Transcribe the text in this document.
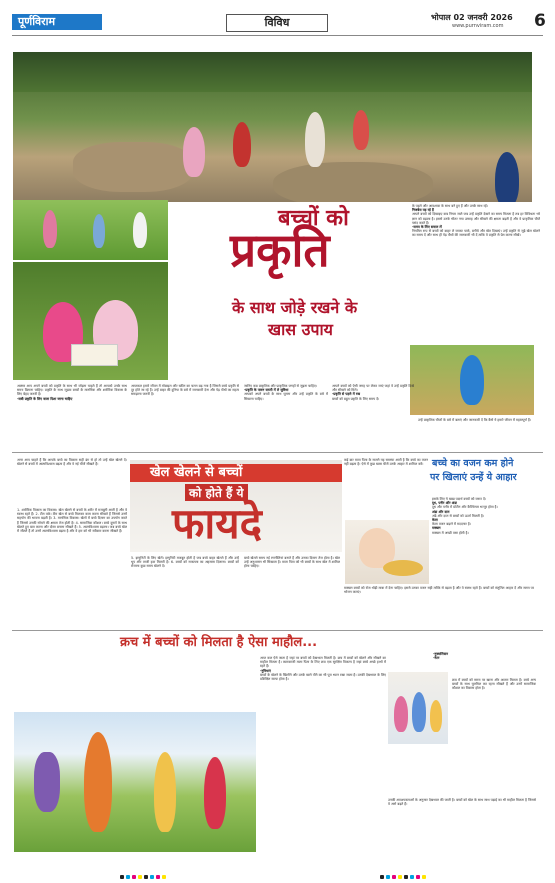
पूर्णविराम	विविध	भोपाल 02 जनवरी 2026
www.purnviram.com 6
बच्चों को
प्रकृति
के साथ जोड़े रखने के
खास उपाय
के पहले और आवश्यक के साथ बने हुए हैं और उनके साथ रहें।
निजबेस यह रहे हैं
आपने बच्चों को दिखाइए कब नियम जाते जब उन्हें प्रकृति देखने का समय मिलता है तब हर विविधता भरे ज्ञान को बढ़ाता है। इससे उनके भीतर नया उत्साह और सीखने की क्षमता बढ़ती है और वे प्राकृतिक चीजें पसंद करते हैं।
-समय के लिए सवाल लें
नियमित रूप से बच्चों को बाहर ले जाकर पार्क, बगीचे और खेत दिखाएं। उन्हें प्रकृति से जुड़े खेल खेलने का समय दें और साथ ही पेड़ पौधों की जानकारी भी दें ताकि वे प्रकृति से प्रेम करना सीखें।
अक्सर आप अपने बच्चों को प्रकृति के साथ भी जोड़ना चाहते हैं तो आपको उनके साथ समय बिताना चाहिए। प्रकृति के साथ जुड़ाव बच्चों के मानसिक और शारीरिक विकास के लिए बेहद जरूरी है।
-सबी प्रकृति के लिए वाला दिशा जाना चाहिए
आजकल हमारे जीवन में मोबाइल और स्क्रीन का चलन बढ़ गया है जिससे बच्चे प्रकृति से दूर होते जा रहे हैं। उन्हें बाहर की दुनिया के बारे में जानकारी देना और पेड़ पौधों का महत्व समझाना जरूरी है।
जानिए कब प्राकृतिक और प्राकृतिक जगहों से जुड़ना चाहिए।
-प्रकृति के पावन साप्ती में ले सुविधा
आपको अपने बच्चों के साथ घूमना और उन्हें प्रकृति के बारे में सिखाना चाहिए।
आपने बच्चों को ऐसी जगह पर लेकर जाएं जहां वे उन्हें प्रकृति दिखे और सीखने को मिले।
-प्रकृति से पहले में रख
बच्चों को बहुत प्रकृति के लिए समय दें।
उन्हें प्राकृतिक चीजों के बारे में बताएं और जानकारी दें कि कैसे ये हमारे जीवन में महत्वपूर्ण हैं।
अगर आप चाहते हैं कि आपके बच्चे का विकास सही ढंग से हो तो उन्हें खेल खेलने दें। खेलने से बच्चों में आत्मविश्वास बढ़ता है और वे नई चीजें सीखते हैं।
खेल खेलने से बच्चों
को होते हैं ये
फायदे
1. शारीरिक विकास का विकास। खेल खेलने से बच्चों के शरीर में मजबूती आती है और वे स्वस्थ रहते हैं। 2. टीम वर्क। टीम खेल से बच्चे मिलकर काम करना सीखते हैं जिससे उनमें सहयोग की भावना बढ़ती है। 3. मानसिक विकास। खेलों में बच्चे दिमाग का उपयोग करते हैं जिससे उनकी सोचने की क्षमता तेज होती है। 4. सामाजिक कौशल। बच्चे दूसरों के साथ खेलते हुए बात करना और दोस्त बनाना सीखते हैं। 5. आत्मविश्वास बढ़ाना। जब बच्चे खेल में जीतते हैं तो उनमें आत्मविश्वास बढ़ता है और वे हार को भी स्वीकार करना सीखते हैं।
5. इम्युनिटी के लिए खेलें। इम्युनिटी मजबूत होती है जब बच्चे बाहर खेलते हैं और उन्हें धूप और ताजी हवा मिलती है। 6. बच्चों को सफलता का अहसास दिलाना। बच्चों को रोजाना कुछ समय खेलने दें।
बच्चे खेलते समय नई रणनीतियां बनाते हैं और उनका दिमाग तेज होता है। खेल उन्हें अनुशासन भी सिखाता है। माता पिता को भी बच्चों के साथ खेल में शामिल होना चाहिए।
कई बार माता पिता के सामने यह समस्या आती है कि बच्चे का वजन नहीं बढ़ता है। ऐसे में कुछ खास चीजें उनके आहार में शामिल करें। बच्चे का वजन कम होने
पर खिलाएं उन्हें ये आहार
इसके लिए ये खाद्य पदार्थ बच्चों को जरूर दें।
दूध, पनीर और अंडा
दूध और पनीर में प्रोटीन और कैल्शियम भरपूर होता है।
अंडा और दाल
अंडे और दाल से बच्चों को ऊर्जा मिलती है।
केला
केला वजन बढ़ाने में मददगार है।
मक्खन
मक्खन में अच्छी वसा होती है।
मक्खन बच्चों को रोज थोड़ी मात्रा में देना चाहिए। इससे उनका वजन सही तरीके से बढ़ता है और वे स्वस्थ रहते हैं। बच्चों को संतुलित आहार दें और समय पर भोजन कराएं।
क्रच में बच्चों को मिलता है ऐसा माहौल...
आज कल ऐसे जाता है जहां पर बच्चों को देखभाल मिलती है। क्रच में बच्चों को खेलने और सीखने का माहौल मिलता है। कामकाजी माता पिता के लिए क्रच एक सुरक्षित विकल्प है जहां बच्चे अच्छे हाथों में रहते हैं।
-नुविधाएं
बच्चों के खेलने के खिलौने और उनके खाने पीने का भी पूरा ध्यान रखा जाता है। उनकी देखभाल के लिए प्रशिक्षित स्टाफ होता है।
-नुक्सलिस्टर
-नेटर
क्रच में बच्चों को समय पर खाना और आराम मिलता है। बच्चे अन्य बच्चों के साथ घुलमिल कर रहना सीखते हैं और उनमें सामाजिक कौशल का विकास होता है।
उनकी आवश्यकताओं के अनुसार देखभाल की जाती है। बच्चों को खेल के साथ साथ पढ़ाई का भी माहौल मिलता है जिससे वे आगे बढ़ते हैं।
